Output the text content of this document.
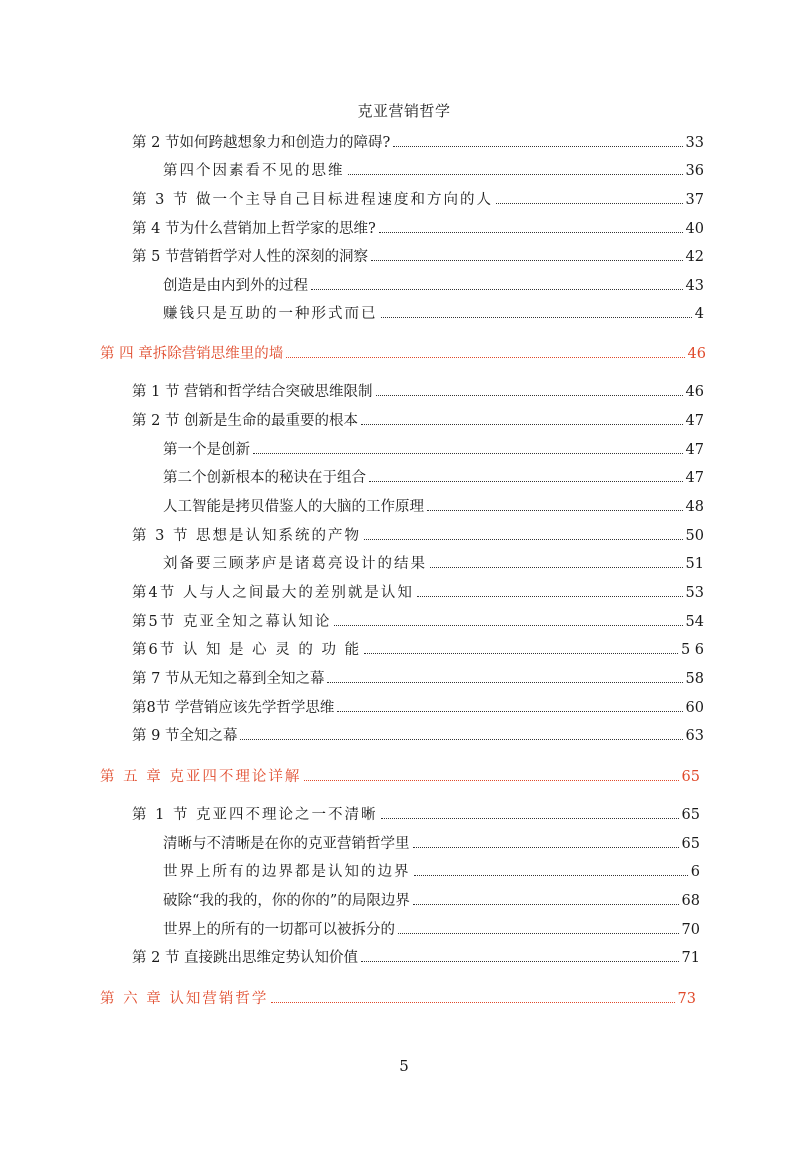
克亚营销哲学
第 2 节如何跨越想象力和创造力的障碍?	33
第四个因素看不见的思维	36
第 3 节 做一个主导自己目标进程速度和方向的人	37
第 4 节为什么营销加上哲学家的思维?	40
第 5 节营销哲学对人性的深刻的洞察	42
创造是由内到外的过程	43
赚钱只是互助的一种形式而已	4
第 四 章拆除营销思维里的墙	46
第 1 节 营销和哲学结合突破思维限制	46
第 2 节 创新是生命的最重要的根本	47
第一个是创新	47
第二个创新根本的秘诀在于组合	47
人工智能是拷贝借鉴人的大脑的工作原理	48
第 3 节 思想是认知系统的产物	50
刘备要三顾茅庐是诸葛亮设计的结果	51
第4节 人与人之间最大的差别就是认知	53
第5节 克亚全知之幕认知论	54
第6节 认 知 是 心 灵 的 功 能	5 6
第 7 节从无知之幕到全知之幕	58
第8节 学营销应该先学哲学思维	60
第 9 节全知之幕	63
第 五 章 克亚四不理论详解	65
第 1 节 克亚四不理论之一不清晰	65
清晰与不清晰是在你的克亚营销哲学里	65
世界上所有的边界都是认知的边界	6
破除“我的我的，你的你的”的局限边界	68
世界上的所有的一切都可以被拆分的	70
第 2 节 直接跳出思维定势认知价值	71
第 六 章 认知营销哲学	73
5
